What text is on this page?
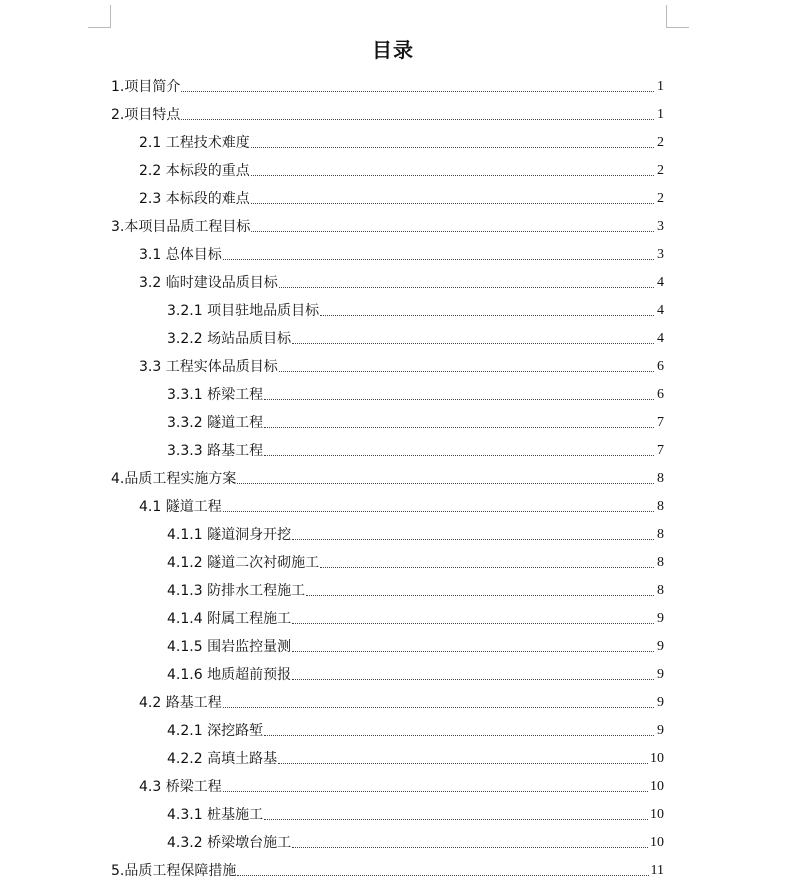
目录
1.项目简介	1
2.项目特点	1
2.1 工程技术难度	2
2.2 本标段的重点	2
2.3 本标段的难点	2
3.本项目品质工程目标	3
3.1 总体目标	3
3.2 临时建设品质目标	4
3.2.1 项目驻地品质目标	4
3.2.2 场站品质目标	4
3.3 工程实体品质目标	6
3.3.1 桥梁工程	6
3.3.2 隧道工程	7
3.3.3 路基工程	7
4.品质工程实施方案	8
4.1 隧道工程	8
4.1.1 隧道洞身开挖	8
4.1.2 隧道二次衬砌施工	8
4.1.3 防排水工程施工	8
4.1.4 附属工程施工	9
4.1.5 围岩监控量测	9
4.1.6 地质超前预报	9
4.2 路基工程	9
4.2.1 深挖路堑	9
4.2.2 高填土路基	10
4.3 桥梁工程	10
4.3.1 桩基施工	10
4.3.2 桥梁墩台施工	10
5.品质工程保障措施	11
